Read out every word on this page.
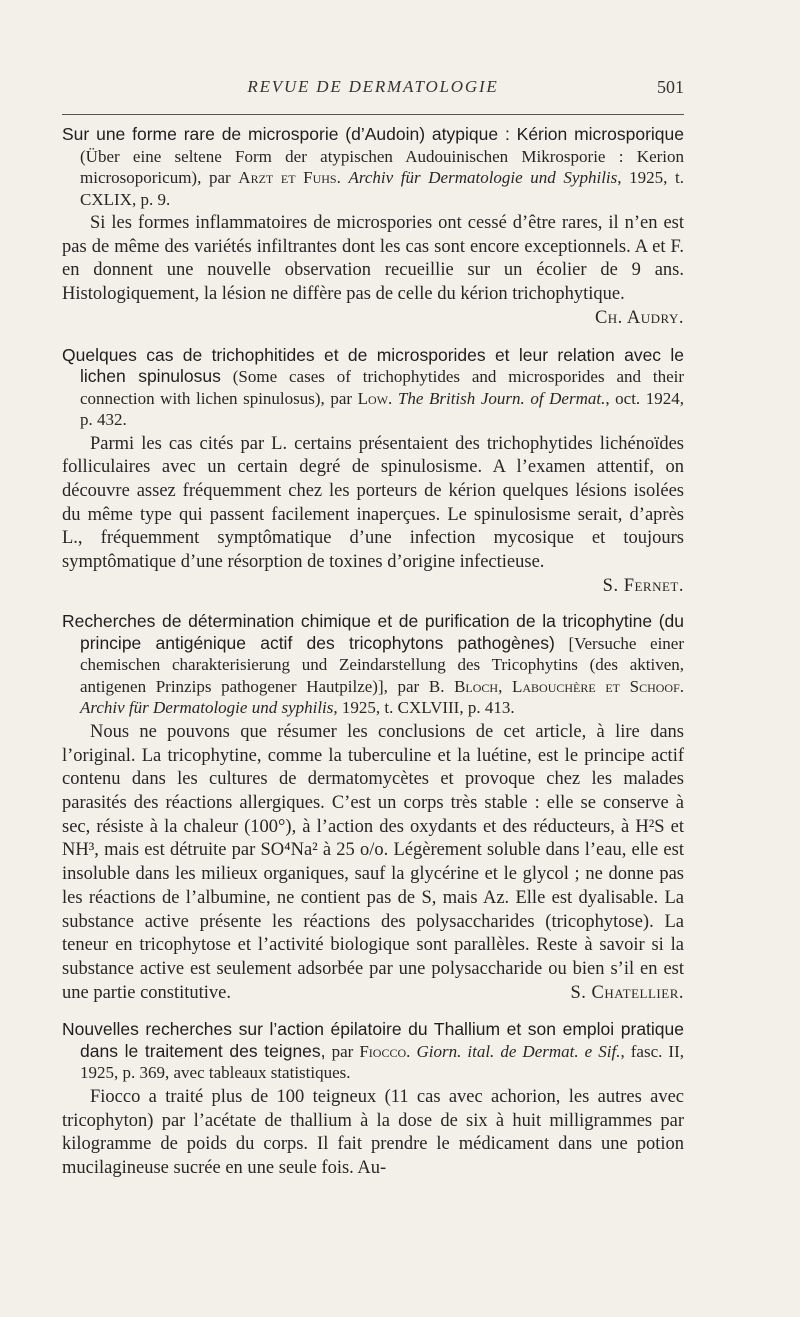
REVUE DE DERMATOLOGIE	501

Sur une forme rare de microsporie (d’Audoin) atypique : Kérion microsporique (Über eine seltene Form der atypischen Audouinischen Mikrosporie : Kerion microsoporicum), par Arzt et Fuhs. Archiv für Dermatologie und Syphilis, 1925, t. CXLIX, p. 9.

Si les formes inflammatoires de microspories ont cessé d’être rares, il n’en est pas de même des variétés infiltrantes dont les cas sont encore exceptionnels. A et F. en donnent une nouvelle observation recueillie sur un écolier de 9 ans. Histologiquement, la lésion ne diffère pas de celle du kérion trichophytique.
Ch. Audry.

Quelques cas de trichophitides et de microsporides et leur relation avec le lichen spinulosus (Some cases of trichophytides and microsporides and their connection with lichen spinulosus), par Low. The British Journ. of Dermat., oct. 1924, p. 432.

Parmi les cas cités par L. certains présentaient des trichophytides lichénoïdes folliculaires avec un certain degré de spinulosisme. A l’examen attentif, on découvre assez fréquemment chez les porteurs de kérion quelques lésions isolées du même type qui passent facilement inaperçues. Le spinulosisme serait, d’après L., fréquemment symptômatique d’une infection mycosique et toujours symptômatique d’une résorption de toxines d’origine infectieuse.

S. Fernet.

Recherches de détermination chimique et de purification de la tricophytine (du principe antigénique actif des tricophytons pathogènes) [Versuche einer chemischen charakterisierung und Zeindarstellung des Tricophytins (des aktiven, antigenen Prinzips pathogener Hautpilze)], par B. Bloch, Labouchère et Schoof. Archiv für Dermatologie und syphilis, 1925, t. CXLVIII, p. 413.

Nous ne pouvons que résumer les conclusions de cet article, à lire dans l’original. La tricophytine, comme la tuberculine et la luétine, est le principe actif contenu dans les cultures de dermatomycètes et provoque chez les malades parasités des réactions allergiques. C’est un corps très stable : elle se conserve à sec, résiste à la chaleur (100°), à l’action des oxydants et des réducteurs, à H²S et NH³, mais est détruite par SO⁴Na² à 25 o/o. Légèrement soluble dans l’eau, elle est insoluble dans les milieux organiques, sauf la glycérine et le glycol ; ne donne pas les réactions de l’albumine, ne contient pas de S, mais Az. Elle est dyalisable. La substance active présente les réactions des polysaccharides (tricophytose). La teneur en tricophytose et l’activité biologique sont parallèles. Reste à savoir si la substance active est seulement adsorbée par une polysaccharide ou bien s’il en est une partie constitutive.	S. Chatellier.

Nouvelles recherches sur l’action épilatoire du Thallium et son emploi pratique dans le traitement des teignes, par Fiocco. Giorn. ital. de Dermat. e Sif., fasc. II, 1925, p. 369, avec tableaux statistiques.

Fiocco a traité plus de 100 teigneux (11 cas avec achorion, les autres avec tricophyton) par l’acétate de thallium à la dose de six à huit milligrammes par kilogramme de poids du corps. Il fait prendre le médicament dans une potion mucilagineuse sucrée en une seule fois. Au-
